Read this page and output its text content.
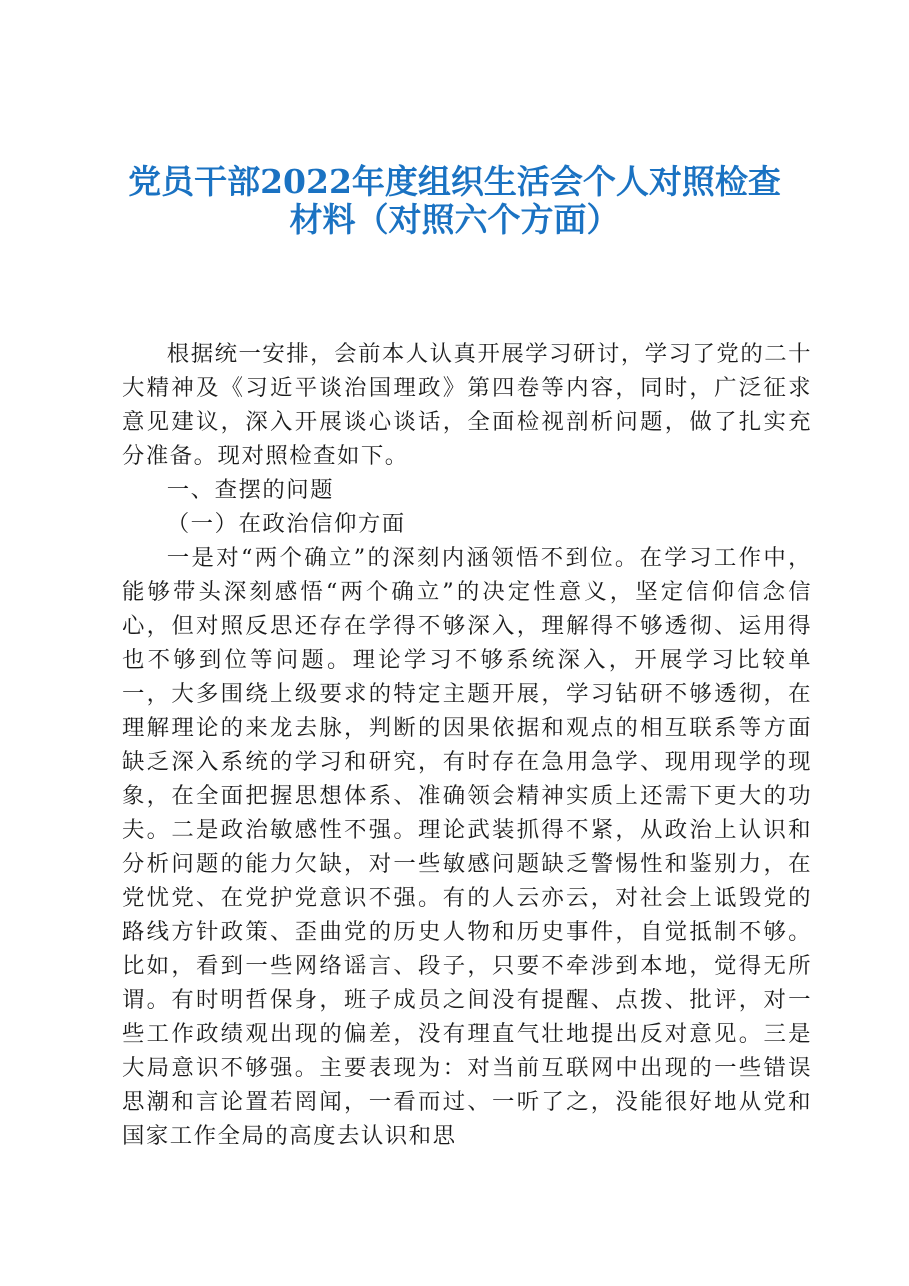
党员干部2022年度组织生活会个人对照检查
材料（对照六个方面）

根据统一安排，会前本人认真开展学习研讨，学习了党的二十大精神及《习近平谈治国理政》第四卷等内容，同时，广泛征求意见建议，深入开展谈心谈话，全面检视剖析问题，做了扎实充分准备。现对照检查如下。

一、查摆的问题

（一）在政治信仰方面

一是对“两个确立”的深刻内涵领悟不到位。在学习工作中，能够带头深刻感悟“两个确立”的决定性意义，坚定信仰信念信心，但对照反思还存在学得不够深入，理解得不够透彻、运用得也不够到位等问题。理论学习不够系统深入，开展学习比较单一，大多围绕上级要求的特定主题开展，学习钻研不够透彻，在理解理论的来龙去脉，判断的因果依据和观点的相互联系等方面缺乏深入系统的学习和研究，有时存在急用急学、现用现学的现象，在全面把握思想体系、准确领会精神实质上还需下更大的功夫。二是政治敏感性不强。理论武装抓得不紧，从政治上认识和分析问题的能力欠缺，对一些敏感问题缺乏警惕性和鉴别力，在党忧党、在党护党意识不强。有的人云亦云，对社会上诋毁党的路线方针政策、歪曲党的历史人物和历史事件，自觉抵制不够。比如，看到一些网络谣言、段子，只要不牵涉到本地，觉得无所谓。有时明哲保身，班子成员之间没有提醒、点拨、批评，对一些工作政绩观出现的偏差，没有理直气壮地提出反对意见。三是大局意识不够强。主要表现为：对当前互联网中出现的一些错误思潮和言论置若罔闻，一看而过、一听了之，没能很好地从党和国家工作全局的高度去认识和思
